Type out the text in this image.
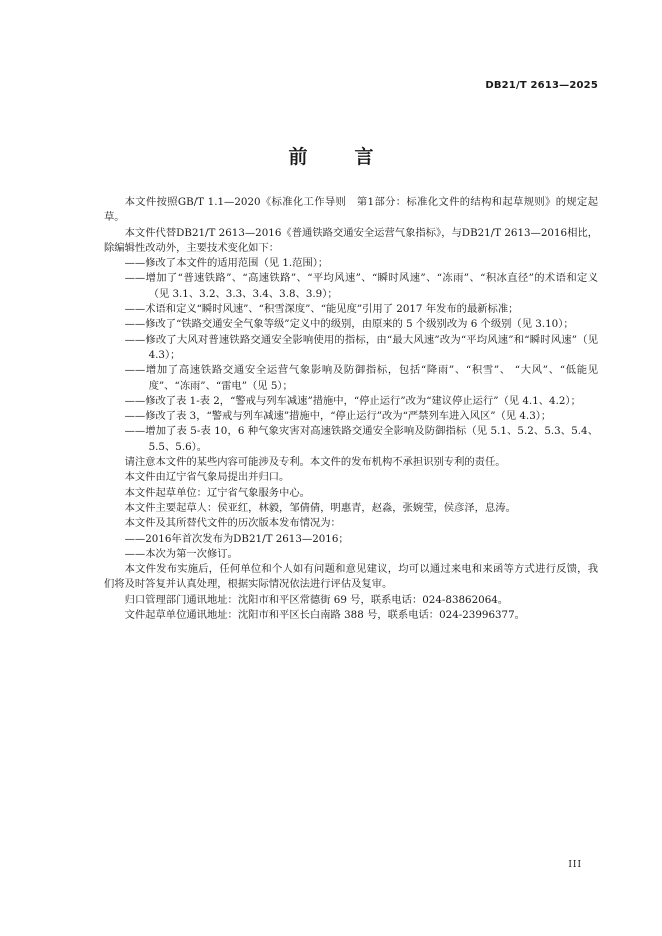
DB21/T 2613—2025
前　言

本文件按照GB/T 1.1—2020《标准化工作导则　第1部分：标准化文件的结构和起草规则》的规定起草。

本文件代替DB21/T 2613—2016《普通铁路交通安全运营气象指标》，与DB21/T 2613—2016相比，除编辑性改动外，主要技术变化如下：

——修改了本文件的适用范围（见 1.范围）；

——增加了“普速铁路”、“高速铁路”、“平均风速”、“瞬时风速”、“冻雨”、“积冰直径”的术语和定义（见 3.1、3.2、3.3、3.4、3.8、3.9）；

——术语和定义“瞬时风速”、“积雪深度”、“能见度”引用了 2017 年发布的最新标准；

——修改了“铁路交通安全气象等级”定义中的级别，由原来的 5 个级别改为 6 个级别（见 3.10）；

——修改了大风对普速铁路交通安全影响使用的指标，由“最大风速”改为“平均风速”和“瞬时风速”（见 4.3）；

——增加了高速铁路交通安全运营气象影响及防御指标，包括“降雨”、“积雪”、 “大风”、“低能见度”、“冻雨”、“雷电”（见 5）；

——修改了表 1-表 2，“警戒与列车减速”措施中，“停止运行”改为“建议停止运行”（见 4.1、4.2）；

——修改了表 3，“警戒与列车减速”措施中，“停止运行”改为“严禁列车进入风区”（见 4.3）；

——增加了表 5-表 10，6 种气象灾害对高速铁路交通安全影响及防御指标（见 5.1、5.2、5.3、5.4、5.5、5.6）。

请注意本文件的某些内容可能涉及专利。本文件的发布机构不承担识别专利的责任。

本文件由辽宁省气象局提出并归口。

本文件起草单位：辽宁省气象服务中心。

本文件主要起草人：侯亚红，林毅，邹倩倩，明惠青，赵淼，张婉莹，侯彦泽，息涛。

本文件及其所替代文件的历次版本发布情况为：

——2016年首次发布为DB21/T 2613—2016；

——本次为第一次修订。

本文件发布实施后，任何单位和个人如有问题和意见建议，均可以通过来电和来函等方式进行反馈，我们将及时答复并认真处理，根据实际情况依法进行评估及复审。

归口管理部门通讯地址：沈阳市和平区常德街 69 号，联系电话：024-83862064。

文件起草单位通讯地址：沈阳市和平区长白南路 388 号，联系电话：024-23996377。

III
